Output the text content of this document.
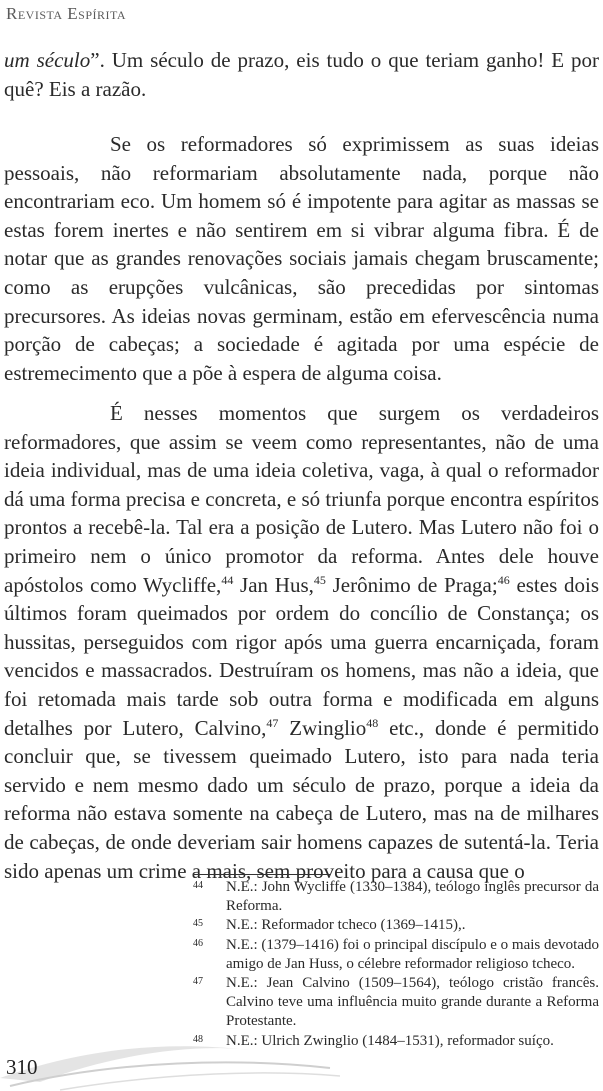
Revista Espírita
um século”. Um século de prazo, eis tudo o que teriam ganho! E por quê? Eis a razão.
Se os reformadores só exprimissem as suas ideias pessoais, não reformariam absolutamente nada, porque não encontrariam eco. Um homem só é impotente para agitar as massas se estas forem inertes e não sentirem em si vibrar alguma fibra. É de notar que as grandes renovações sociais jamais chegam bruscamente; como as erupções vulcânicas, são precedidas por sintomas precursores. As ideias novas germinam, estão em efervescência numa porção de cabeças; a sociedade é agitada por uma espécie de estremecimento que a põe à espera de alguma coisa.
É nesses momentos que surgem os verdadeiros reformadores, que assim se veem como representantes, não de uma ideia individual, mas de uma ideia coletiva, vaga, à qual o reformador dá uma forma precisa e concreta, e só triunfa porque encontra espíritos prontos a recebê-la. Tal era a posição de Lutero. Mas Lutero não foi o primeiro nem o único promotor da reforma. Antes dele houve apóstolos como Wycliffe,$^{44}$ Jan Hus,$^{45}$ Jerônimo de Praga;$^{46}$ estes dois últimos foram queimados por ordem do concílio de Constança; os hussitas, perseguidos com rigor após uma guerra encarniçada, foram vencidos e massacrados. Destruíram os homens, mas não a ideia, que foi retomada mais tarde sob outra forma e modificada em alguns detalhes por Lutero, Calvino,$^{47}$ Zwinglio$^{48}$ etc., donde é permitido concluir que, se tivessem queimado Lutero, isto para nada teria servido e nem mesmo dado um século de prazo, porque a ideia da reforma não estava somente na cabeça de Lutero, mas na de milhares de cabeças, de onde deveriam sair homens capazes de sutentá-la. Teria sido apenas um crime a mais, sem proveito para a causa que o
44 N.E.: John Wycliffe (1330–1384), teólogo inglês precursor da Reforma.
45 N.E.: Reformador tcheco (1369–1415),.
46 N.E.: (1379–1416) foi o principal discípulo e o mais devotado amigo de Jan Huss, o célebre reformador religioso tcheco.
47 N.E.: Jean Calvino (1509–1564), teólogo cristão francês. Calvino teve uma influência muito grande durante a Reforma Protestante.
48 N.E.: Ulrich Zwinglio (1484–1531), reformador suíço.
310
